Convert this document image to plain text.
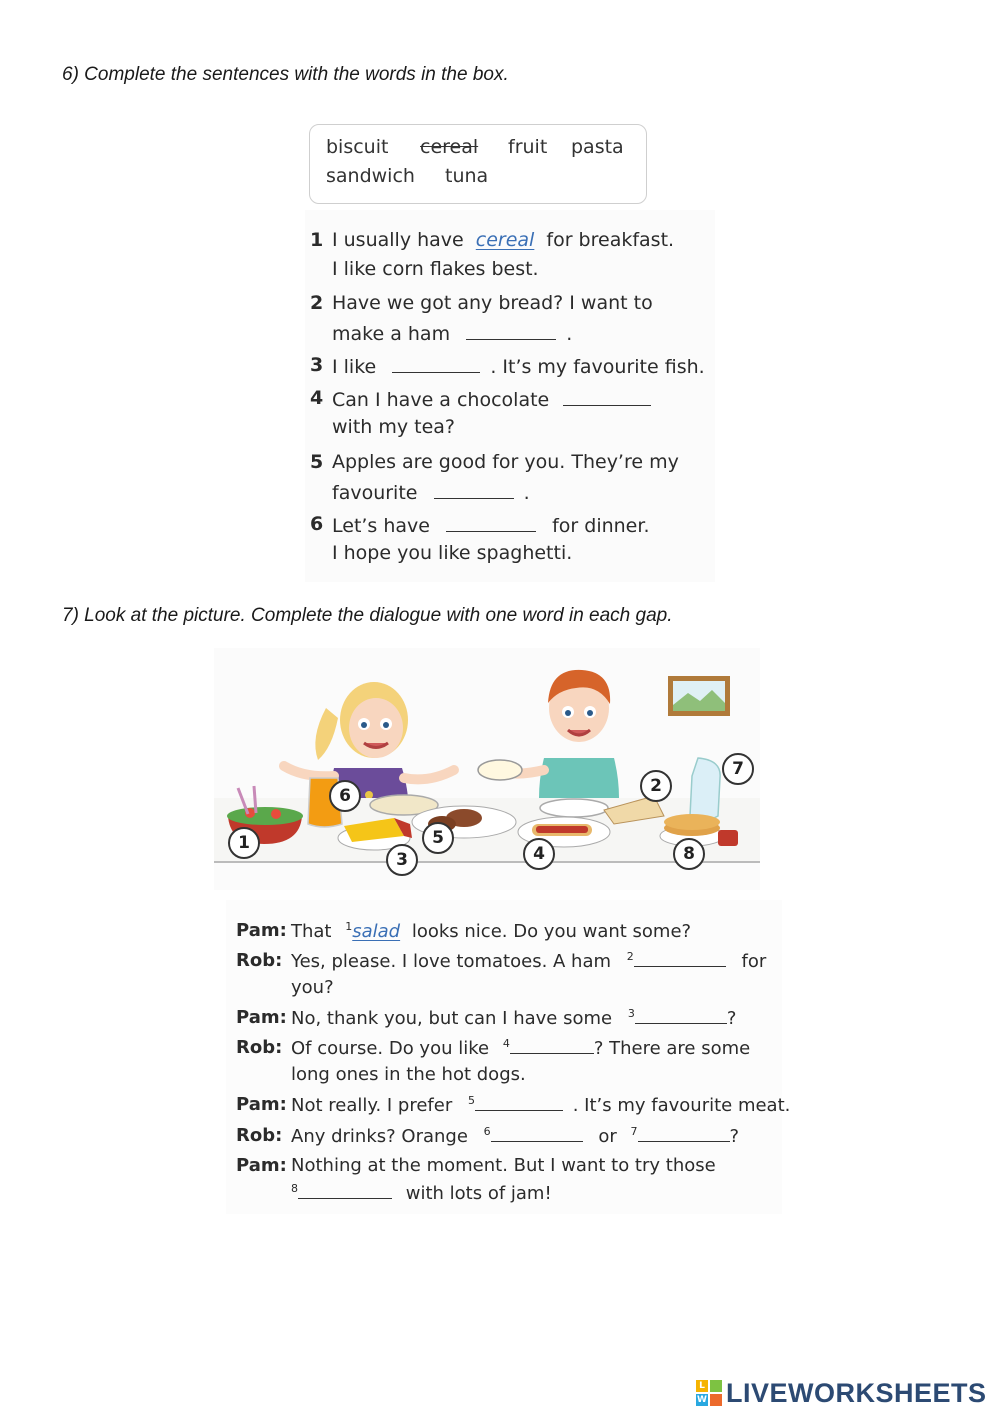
6) Complete the sentences with the words in the box.
biscuit cereal fruit pasta
sandwich tuna
1 I usually have cereal for breakfast.
I like corn flakes best.
2 Have we got any bread? I want to
make a ham	.
3 I like	. It’s my favourite fish.
4 Can I have a chocolate
with my tea?
5 Apples are good for you. They’re my
favourite	.
6 Let’s have	for dinner.
I hope you like spaghetti.
7) Look at the picture. Complete the dialogue with one word in each gap.
1
2
3	4
5
6
7
8
Pam: That $^1$salad looks nice. Do you want some?
Rob: Yes, please. I love tomatoes. A ham $^2$	for
you?
Pam: No, thank you, but can I have some $^3$	?
Rob: Of course. Do you like $^4$	? There are some
long ones in the hot dogs.
Pam: Not really. I prefer $^5$	. It’s my favourite meat.
Rob: Any drinks? Orange $^6$	or $^7$	?
Pam: Nothing at the moment. But I want to try those
$^8$	with lots of jam!
L
W LIVEWORKSHEETS
